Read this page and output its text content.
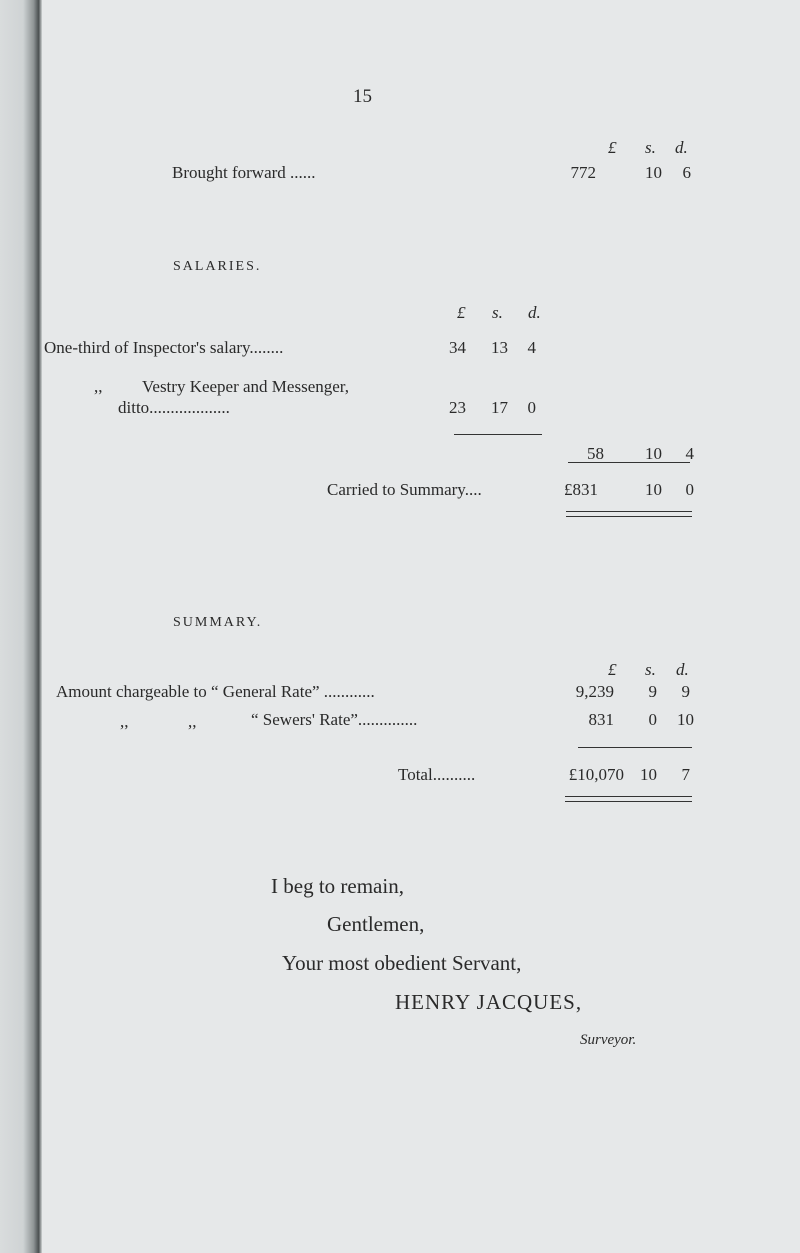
15
£ s. d.
Brought forward ......	772	10 6
SALARIES.
£ s. d.
One-third of Inspector's salary........	34 13 4
,, Vestry Keeper and Messenger,
ditto...................	23 17 0
58 10 4
Carried to Summary....	£831	10 0
SUMMARY.
£ s. d.
Amount chargeable to “ General Rate” ............	9,239 9 9
,,	,,	“ Sewers' Rate”..............	831 0 10
Total..........	£10,070 10 7
I beg to remain,
Gentlemen,
Your most obedient Servant,
HENRY JACQUES,
Surveyor.
